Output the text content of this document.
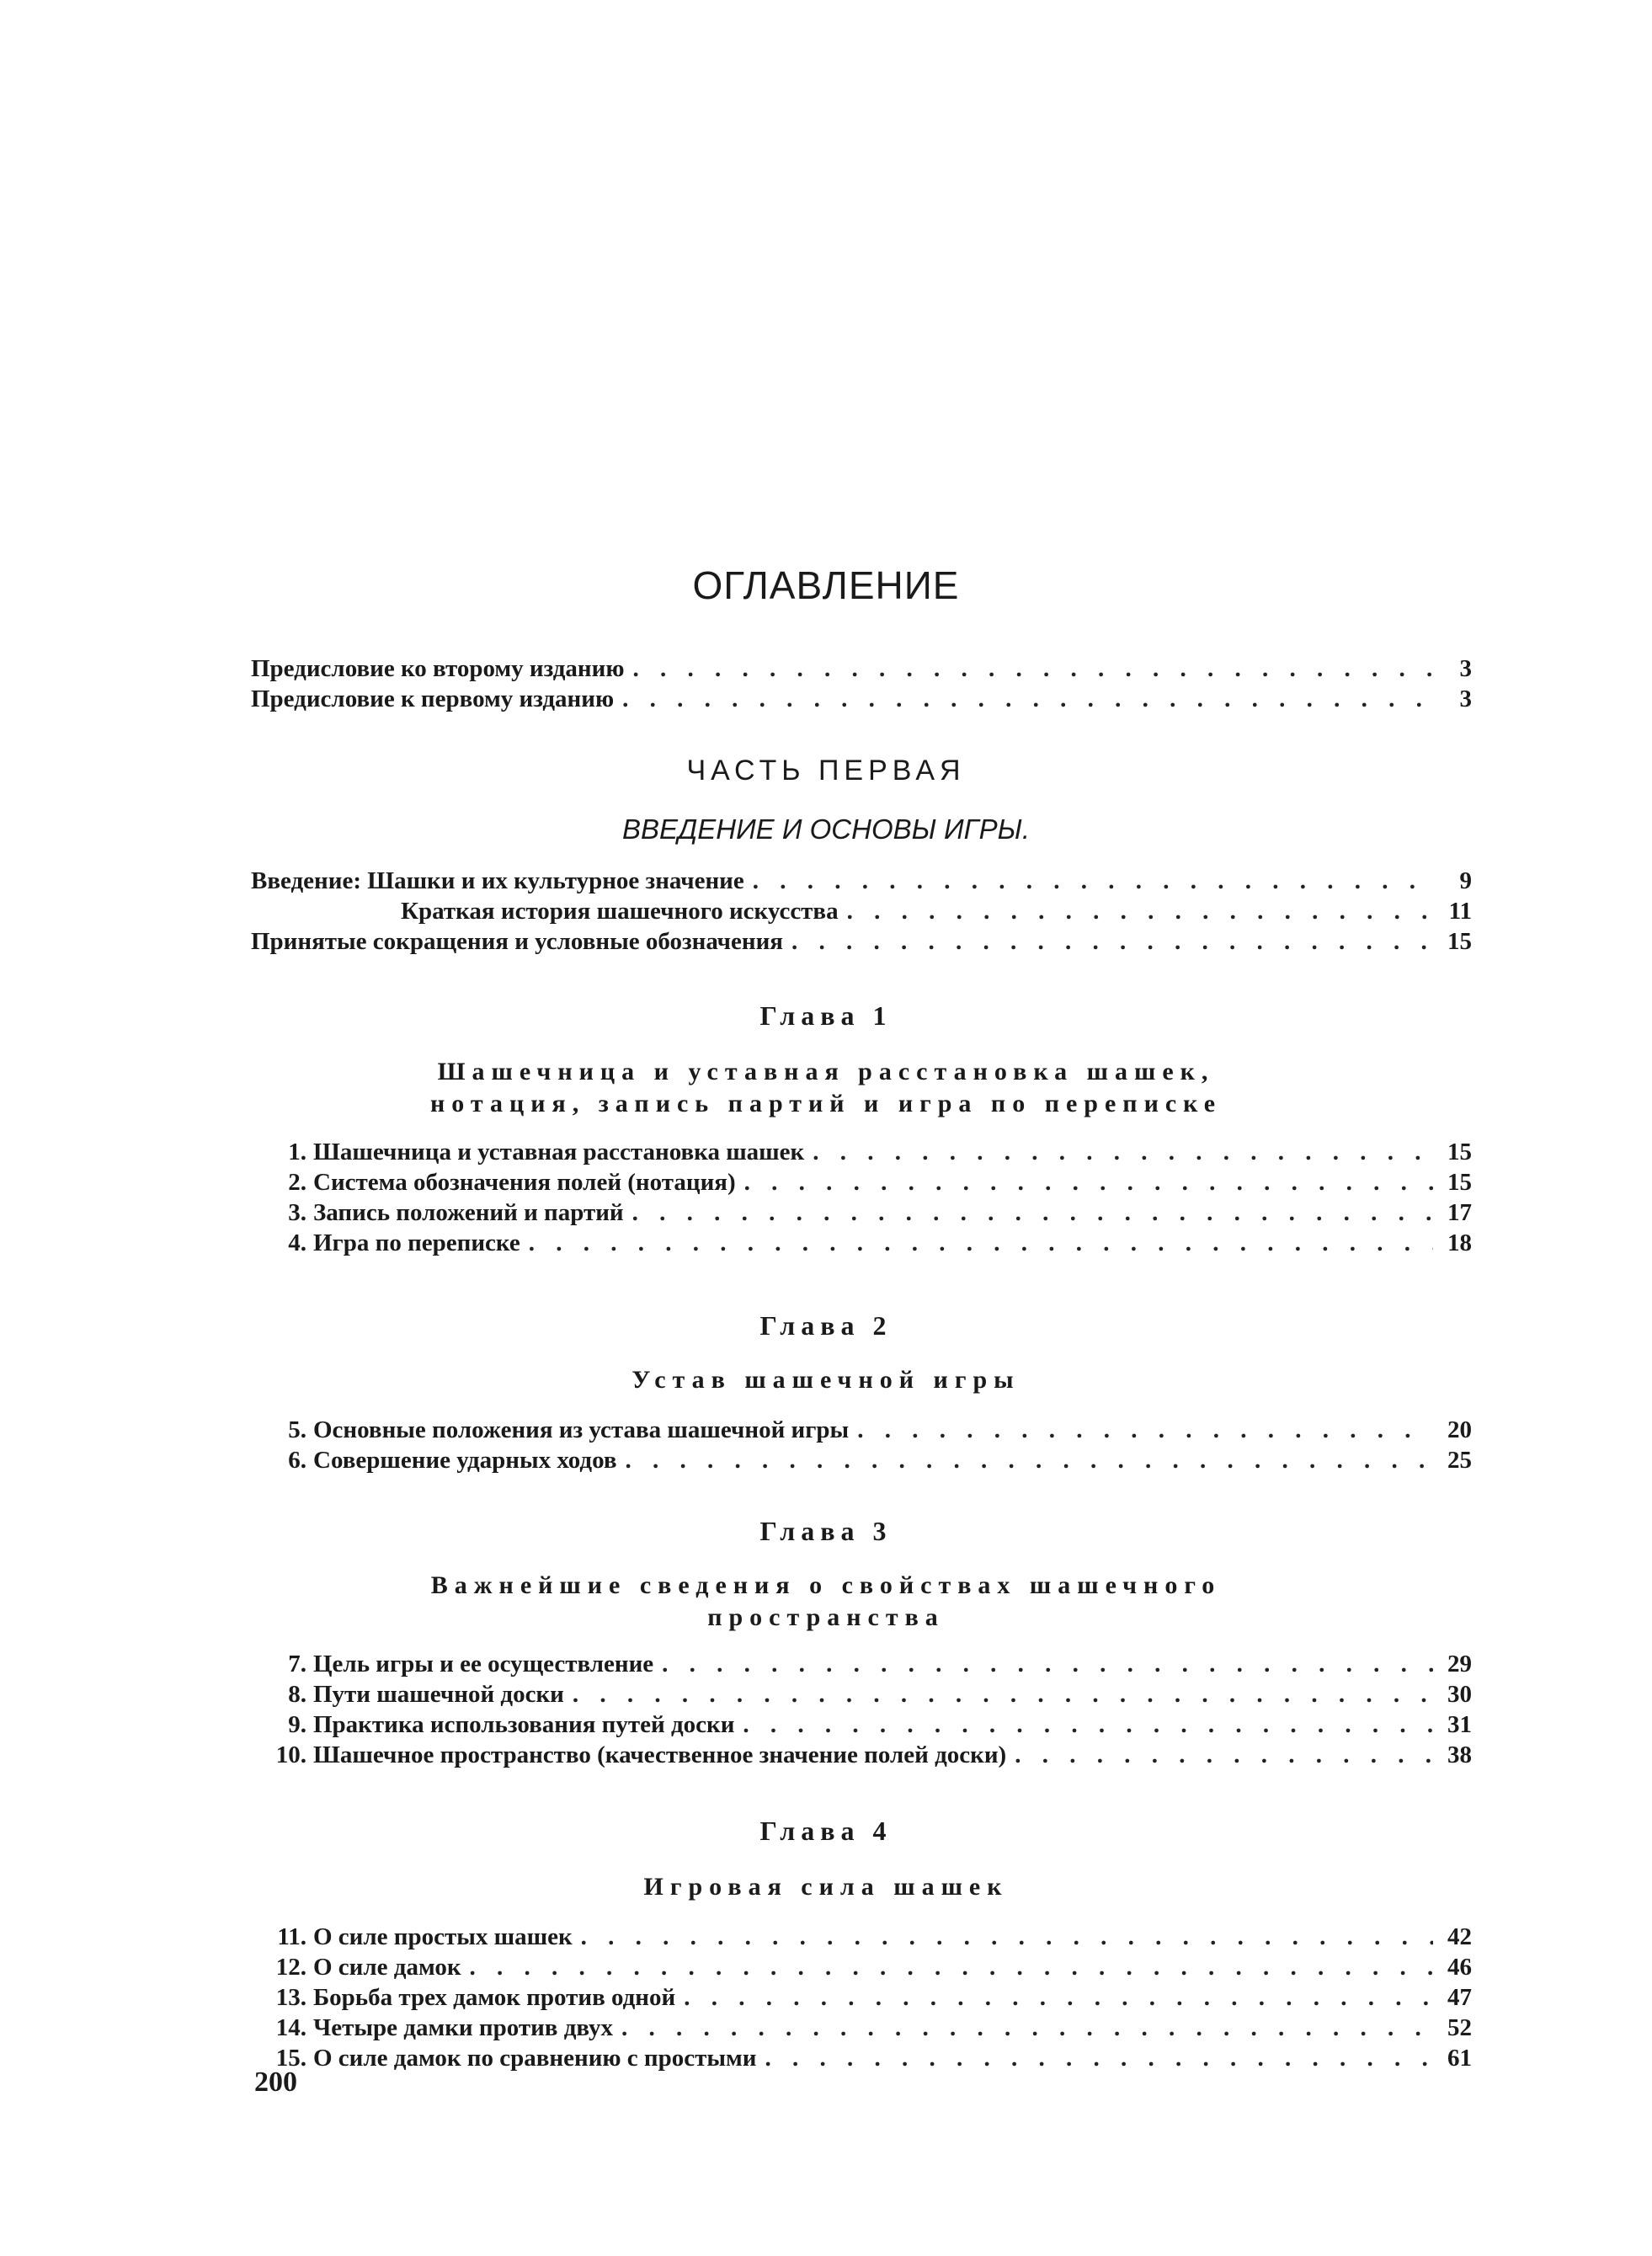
ОГЛАВЛЕНИЕ
Предисловие ко второму изданию . . .	3
Предисловие к первому изданию . . .	3
ЧАСТЬ ПЕРВАЯ
ВВЕДЕНИЕ И ОСНОВЫ ИГРЫ.
Введение: Шашки и их культурное значение . . .	9
Краткая история шашечного искусства . . .	11
Принятые сокращения и условные обозначения . . .	15
Глава 1
Шашечница и уставная расстановка шашек,
нотация, запись партий и игра по переписке
1. Шашечница и уставная расстановка шашек . . .	15
2. Система обозначения полей (нотация) . . .	15
3. Запись положений и партий . . .	17
4. Игра по переписке . . .	18
Глава 2
Устав шашечной игры
5. Основные положения из устава шашечной игры . . .	20
6. Совершение ударных ходов . . .	25
Глава 3
Важнейшие сведения о свойствах шашечного
пространства
7. Цель игры и ее осуществление . . .	29
8. Пути шашечной доски . . .	30
9. Практика использования путей доски . . .	31
10. Шашечное пространство (качественное значение полей доски) . . .	38
Глава 4
Игровая сила шашек
11. О силе простых шашек . . .	42
12. О силе дамок . . .	46
13. Борьба трех дамок против одной . . .	47
14. Четыре дамки против двух . . .	52
15. О силе дамок по сравнению с простыми . . .	61
200
